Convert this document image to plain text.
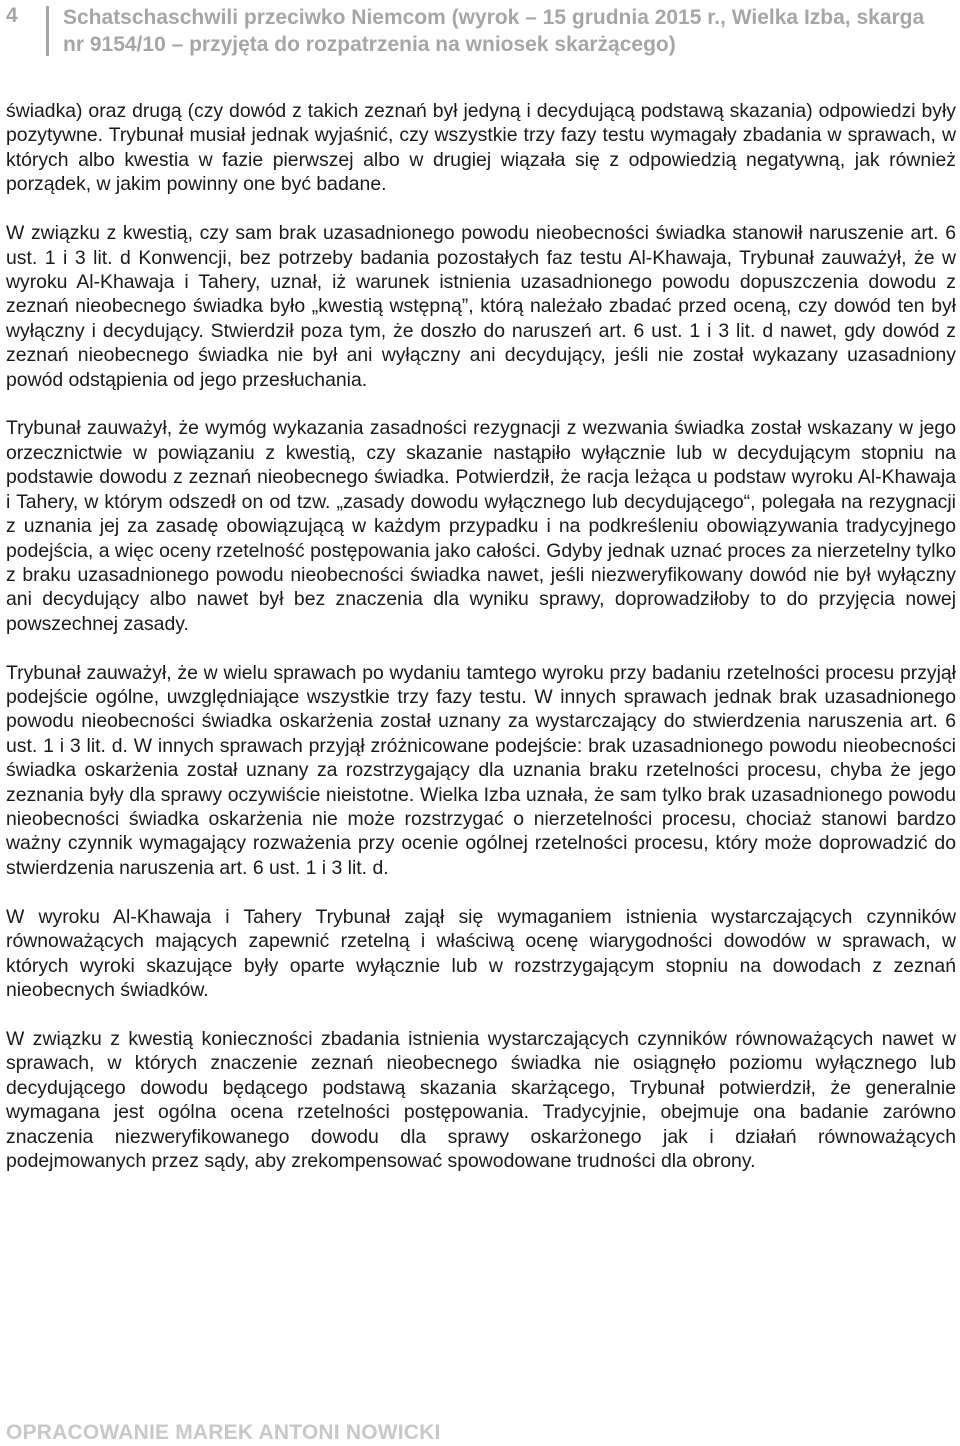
4 Schatschaschwili przeciwko Niemcom (wyrok – 15 grudnia 2015 r., Wielka Izba, skarga nr 9154/10 – przyjęta do rozpatrzenia na wniosek skarżącego)

świadka) oraz drugą (czy dowód z takich zeznań był jedyną i decydującą podstawą skazania) odpowiedzi były pozytywne. Trybunał musiał jednak wyjaśnić, czy wszystkie trzy fazy testu wymagały zbadania w sprawach, w których albo kwestia w fazie pierwszej albo w drugiej wiązała się z odpowiedzią negatywną, jak również porządek, w jakim powinny one być badane.

W związku z kwestią, czy sam brak uzasadnionego powodu nieobecności świadka stanowił naruszenie art. 6 ust. 1 i 3 lit. d Konwencji, bez potrzeby badania pozostałych faz testu Al-Khawaja, Trybunał zauważył, że w wyroku Al-Khawaja i Tahery, uznał, iż warunek istnienia uzasadnionego powodu dopuszczenia dowodu z zeznań nieobecnego świadka było „kwestią wstępną”, którą należało zbadać przed oceną, czy dowód ten był wyłączny i decydujący. Stwierdził poza tym, że doszło do naruszeń art. 6 ust. 1 i 3 lit. d nawet, gdy dowód z zeznań nieobecnego świadka nie był ani wyłączny ani decydujący, jeśli nie został wykazany uzasadniony powód odstąpienia od jego przesłuchania.

Trybunał zauważył, że wymóg wykazania zasadności rezygnacji z wezwania świadka został wskazany w jego orzecznictwie w powiązaniu z kwestią, czy skazanie nastąpiło wyłącznie lub w decydującym stopniu na podstawie dowodu z zeznań nieobecnego świadka. Potwierdził, że racja leżąca u podstaw wyroku Al-Khawaja i Tahery, w którym odszedł on od tzw. „zasady dowodu wyłącznego lub decydującego“, polegała na rezygnacji z uznania jej za zasadę obowiązującą w każdym przypadku i na podkreśleniu obowiązywania tradycyjnego podejścia, a więc oceny rzetelność postępowania jako całości. Gdyby jednak uznać proces za nierzetelny tylko z braku uzasadnionego powodu nieobecności świadka nawet, jeśli niezweryfikowany dowód nie był wyłączny ani decydujący albo nawet był bez znaczenia dla wyniku sprawy, doprowadziłoby to do przyjęcia nowej powszechnej zasady.

Trybunał zauważył, że w wielu sprawach po wydaniu tamtego wyroku przy badaniu rzetelności procesu przyjął podejście ogólne, uwzględniające wszystkie trzy fazy testu. W innych sprawach jednak brak uzasadnionego powodu nieobecności świadka oskarżenia został uznany za wystarczający do stwierdzenia naruszenia art. 6 ust. 1 i 3 lit. d. W innych sprawach przyjął zróżnicowane podejście: brak uzasadnionego powodu nieobecności świadka oskarżenia został uznany za rozstrzygający dla uznania braku rzetelności procesu, chyba że jego zeznania były dla sprawy oczywiście nieistotne. Wielka Izba uznała, że sam tylko brak uzasadnionego powodu nieobecności świadka oskarżenia nie może rozstrzygać o nierzetelności procesu, chociaż stanowi bardzo ważny czynnik wymagający rozważenia przy ocenie ogólnej rzetelności procesu, który może doprowadzić do stwierdzenia naruszenia art. 6 ust. 1 i 3 lit. d.

W wyroku Al-Khawaja i Tahery Trybunał zajął się wymaganiem istnienia wystarczających czynników równoważących mających zapewnić rzetelną i właściwą ocenę wiarygodności dowodów w sprawach, w których wyroki skazujące były oparte wyłącznie lub w rozstrzygającym stopniu na dowodach z zeznań nieobecnych świadków.

W związku z kwestią konieczności zbadania istnienia wystarczających czynników równoważących nawet w sprawach, w których znaczenie zeznań nieobecnego świadka nie osiągnęło poziomu wyłącznego lub decydującego dowodu będącego podstawą skazania skarżącego, Trybunał potwierdził, że generalnie wymagana jest ogólna ocena rzetelności postępowania. Tradycyjnie, obejmuje ona badanie zarówno znaczenia niezweryfikowanego dowodu dla sprawy oskarżonego jak i działań równoważących podejmowanych przez sądy, aby zrekompensować spowodowane trudności dla obrony.

OPRACOWANIE MAREK ANTONI NOWICKI
